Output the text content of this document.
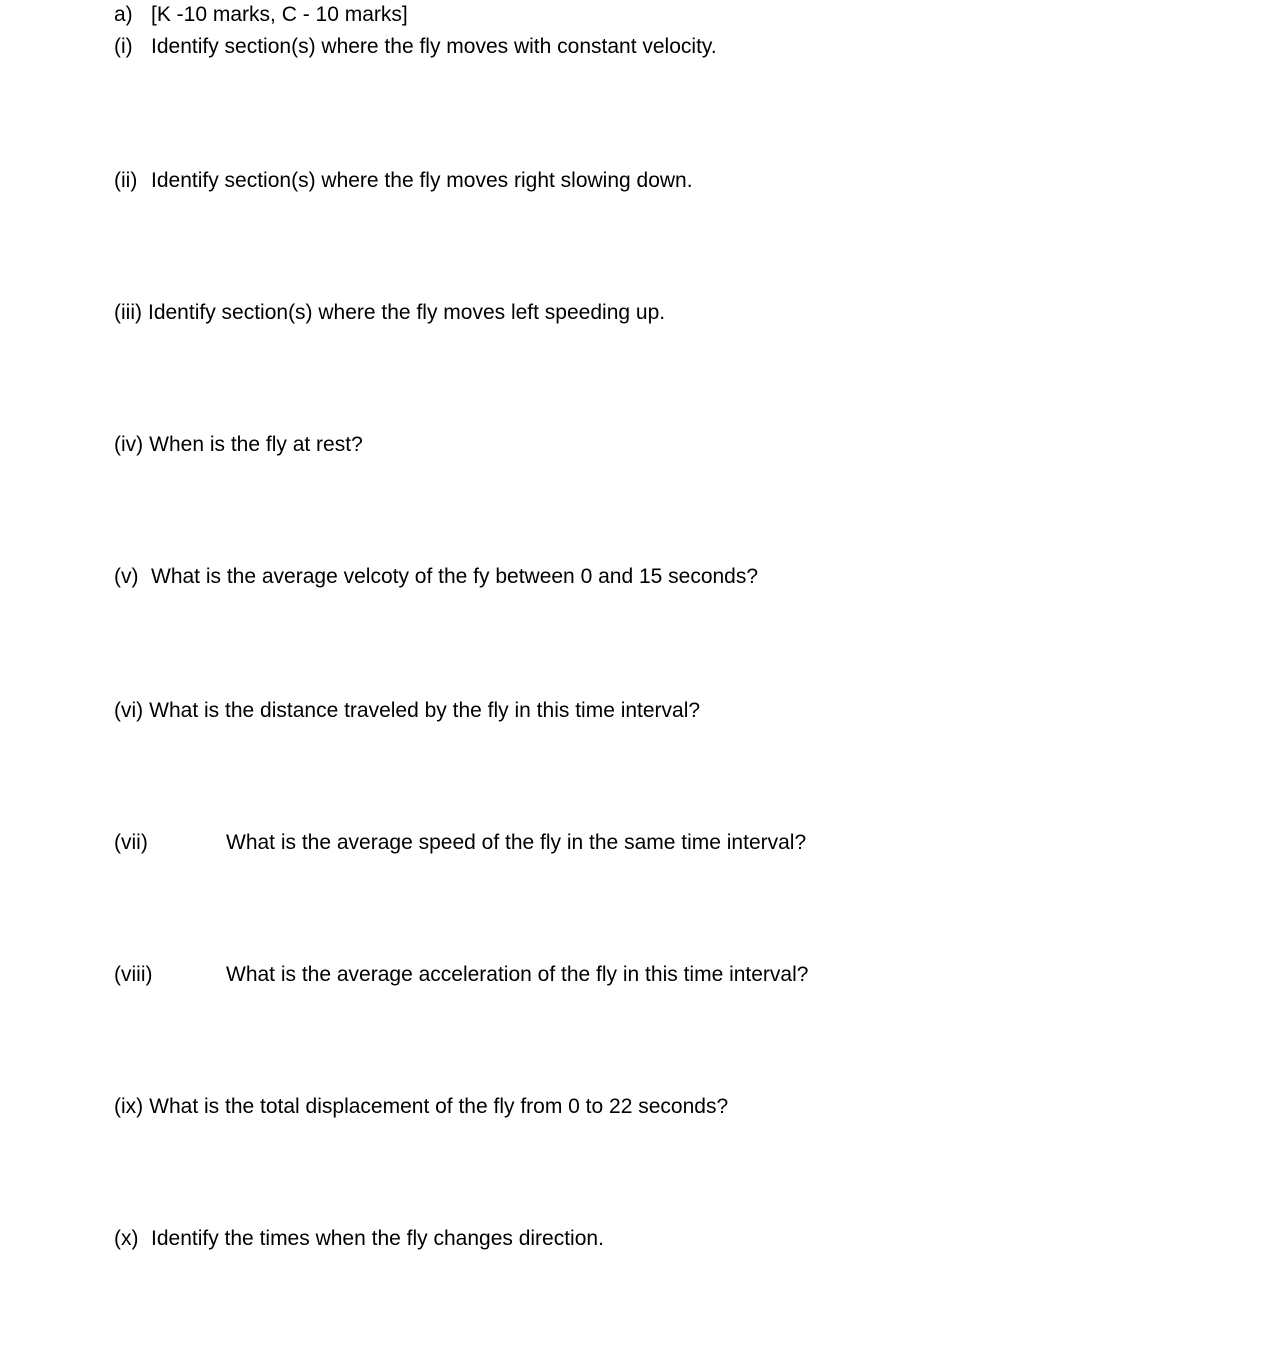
a) [K -10 marks, C - 10 marks]
(i) Identify section(s) where the fly moves with constant velocity.
(ii) Identify section(s) where the fly moves right slowing down.
(iii) Identify section(s) where the fly moves left speeding up.
(iv) When is the fly at rest?
(v) What is the average velcoty of the fy between 0 and 15 seconds?
(vi) What is the distance traveled by the fly in this time interval?
(vii)	What is the average speed of the fly in the same time interval?
(viii)	What is the average acceleration of the fly in this time interval?
(ix) What is the total displacement of the fly from 0 to 22 seconds?
(x) Identify the times when the fly changes direction.
